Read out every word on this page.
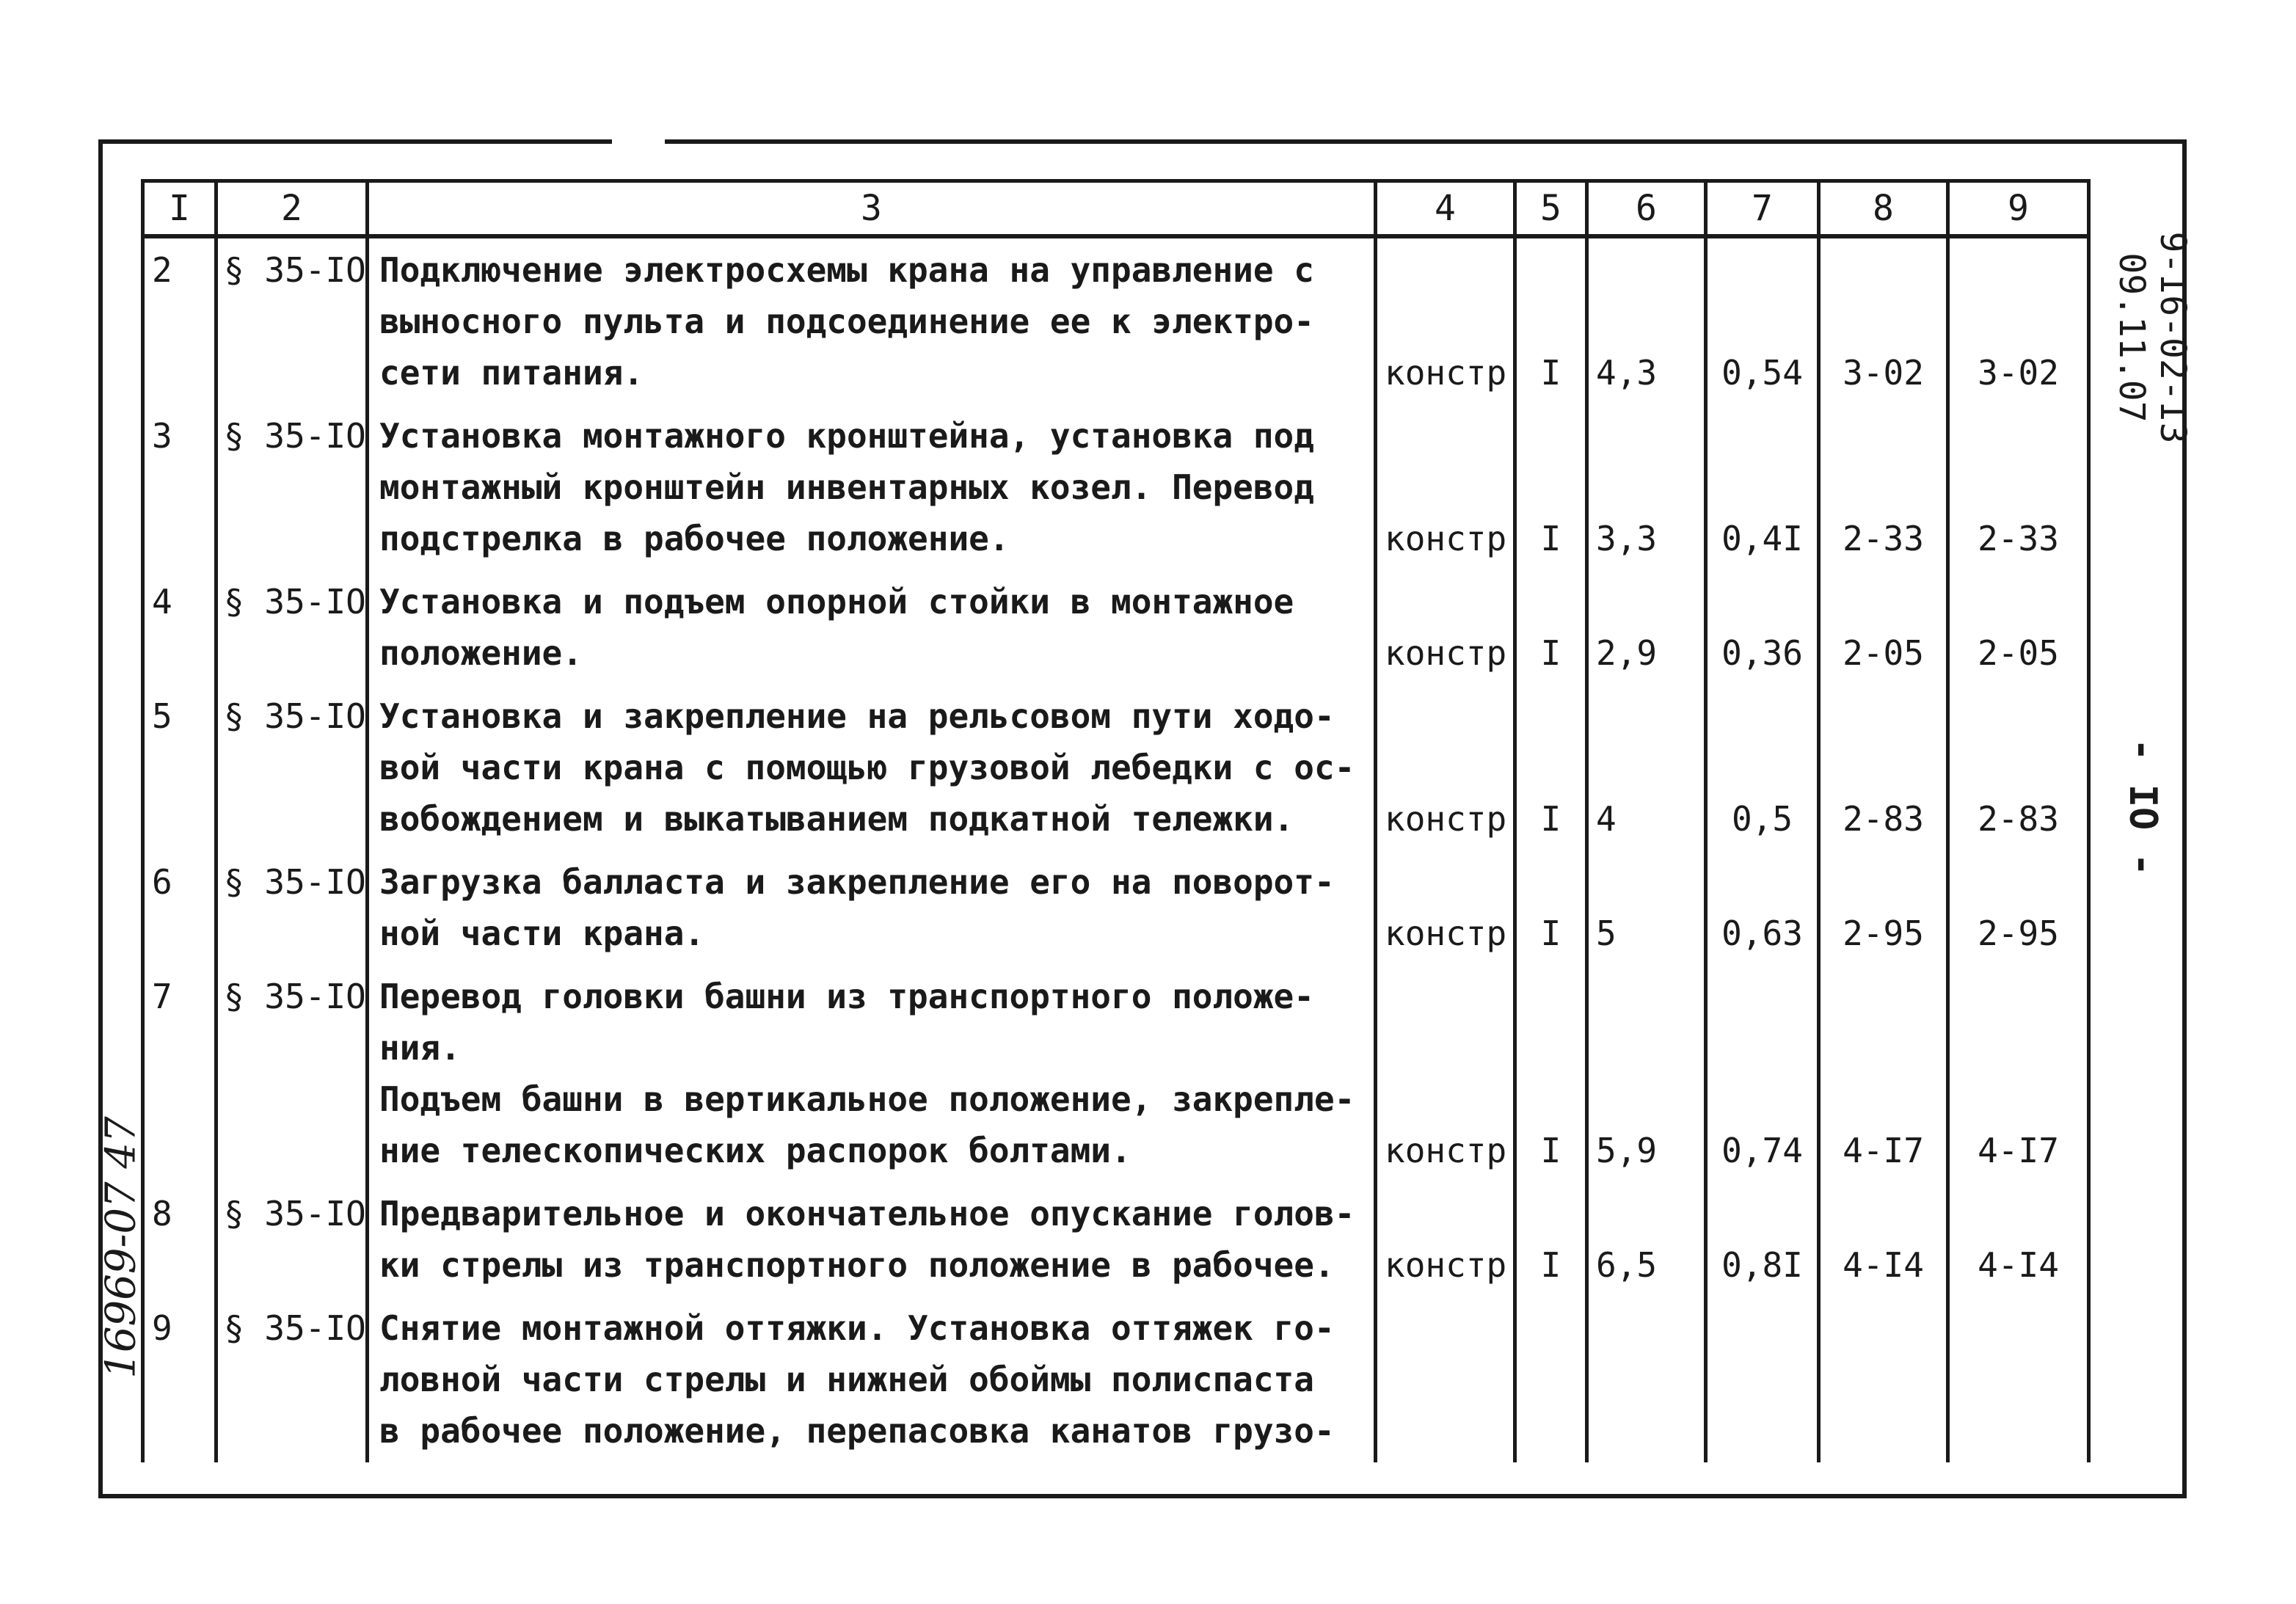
I	2	3	4	5	6	7	8	9
2	§ 35-IO	Подключение электросхемы крана на управление с
выносного пульта и подсоединение ее к электро-
сети питания.	констр	I	4,3	0,54	3-02	3-02
3	§ 35-IO	Установка монтажного кронштейна, установка под
монтажный кронштейн инвентарных козел. Перевод
подстрелка в рабочее положение.	констр	I	3,3	0,4I	2-33	2-33
4	§ 35-IO	Установка и подъем опорной стойки в монтажное
положение.	констр	I	2,9	0,36	2-05	2-05
5	§ 35-IO	Установка и закрепление на рельсовом пути ходо-
вой части крана с помощью грузовой лебедки с ос-
вобождением и выкатыванием подкатной тележки.	констр	I	4	0,5	2-83	2-83
6	§ 35-IO	Загрузка балласта и закрепление его на поворот-
ной части крана.	констр	I	5	0,63	2-95	2-95
7	§ 35-IO	Перевод головки башни из транспортного положе-
ния.
Подъем башни в вертикальное положение, закрепле-
ние телескопических распорок болтами.	констр	I	5,9	0,74	4-I7	4-I7
8	§ 35-IO	Предварительное и окончательное опускание голов-
ки стрелы из транспортного положение в рабочее.	констр	I	6,5	0,8I	4-I4	4-I4
9	§ 35-IO	Снятие монтажной оттяжки. Установка оттяжек го-
ловной части стрелы и нижней обоймы полиспаста
в рабочее положение, перепасовка канатов грузо-						

9-I6-02-I3
09.11.07
- IO -
16969-07 47
